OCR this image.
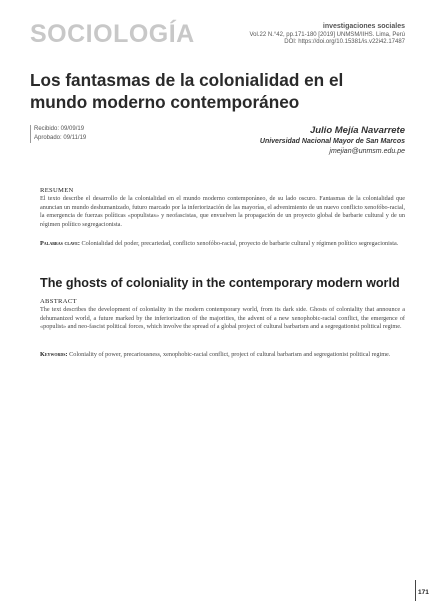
SOCIOLOGÍA	investigaciones sociales
Vol.22 N.°42, pp.171-180 [2019] UNMSM/IIHS. Lima, Perú
DOI: https://doi.org/10.15381/is.v22i42.17487
Los fantasmas de la colonialidad en el mundo moderno contemporáneo
Recibido: 09/09/19
Aprobado: 09/11/19
Julio Mejía Navarrete
Universidad Nacional Mayor de San Marcos
jmejian@unmsm.edu.pe
RESUMEN

El texto describe el desarrollo de la colonialidad en el mundo moderno contemporáneo, de su lado oscuro. Fantasmas de la colonialidad que anuncian un mundo deshumanizado, futuro marcado por la inferiorización de las mayorías, el advenimiento de un nuevo conflicto xenofóbo-racial, la emergencia de fuerzas políticas «populistas» y neofascistas, que envuelven la propagación de un proyecto global de barbarie cultural y de un régimen político segregacionista.

Palabras clave: Colonialidad del poder, precariedad, conflicto xenofóbo-racial, proyecto de barbarie cultural y régimen político segregacionista.

The ghosts of coloniality in the contemporary modern world
ABSTRACT

The text describes the development of coloniality in the modern contemporary world, from its dark side. Ghosts of coloniality that announce a dehumanized world, a future marked by the inferiorization of the majorities, the advent of a new xenophobic-racial conflict, the emergence of «populist» and neo-fascist political forces, which involve the spread of a global project of cultural barbarism and a segregationist political regime.

Keywords: Coloniality of power, precariousness, xenophobic-racial conflict, project of cultural barbarism and segregationist political regime.

171
